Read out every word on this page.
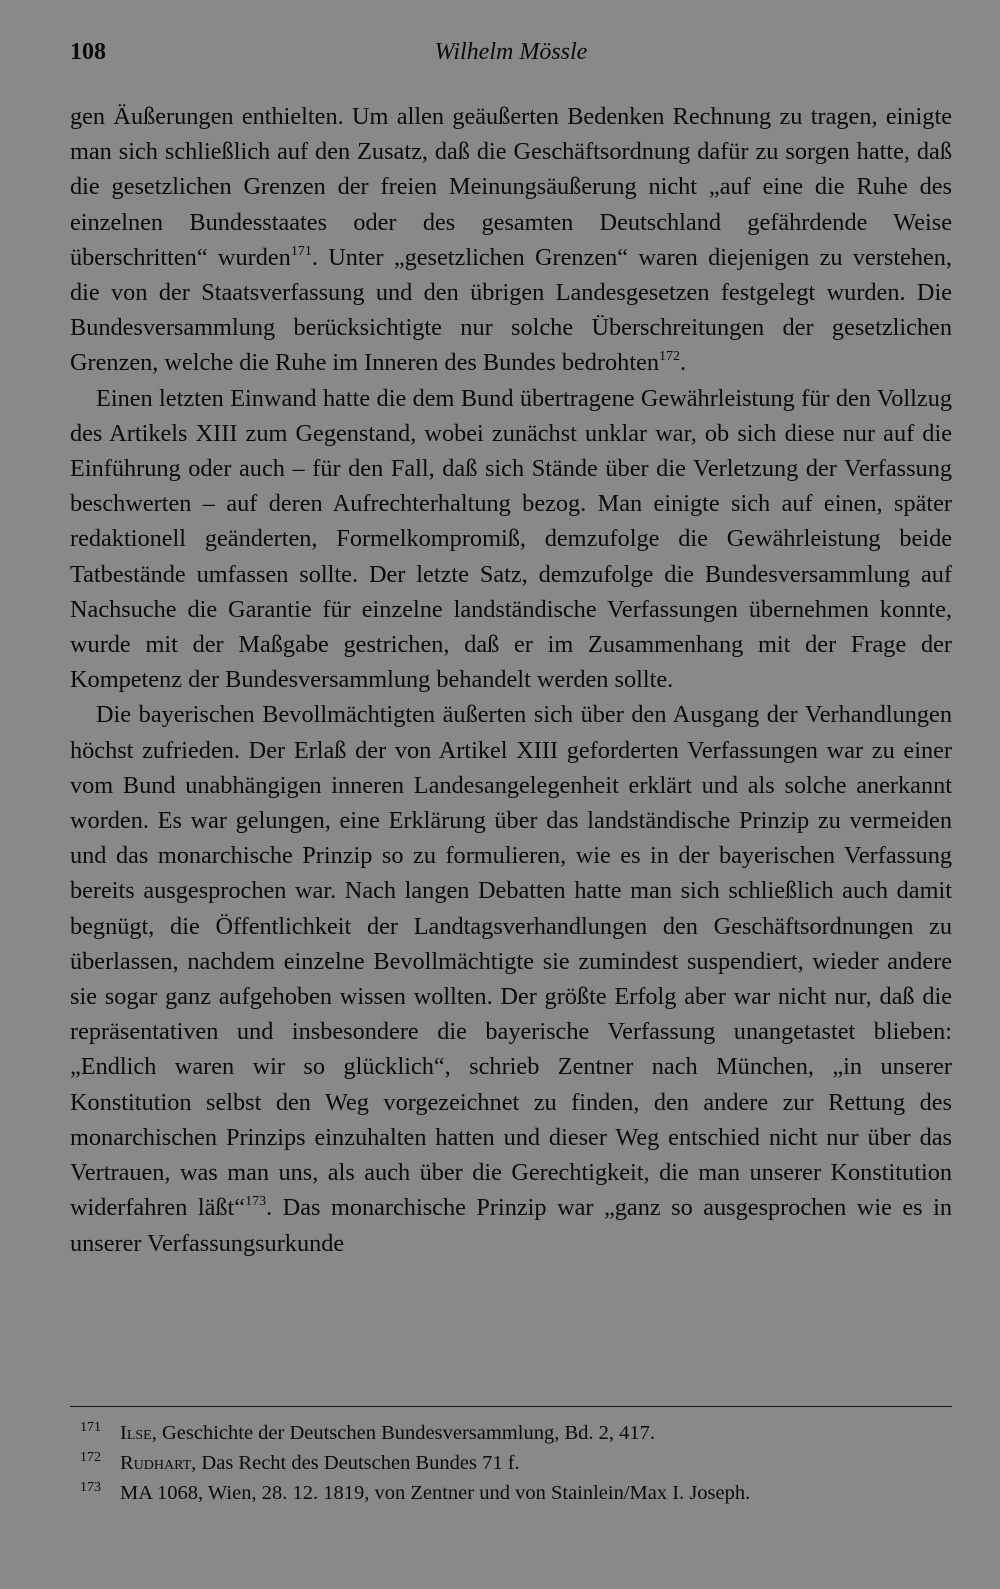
108	Wilhelm Mössle

gen Äußerungen enthielten. Um allen geäußerten Bedenken Rechnung zu tragen, einigte man sich schließlich auf den Zusatz, daß die Geschäftsordnung dafür zu sorgen hatte, daß die gesetzlichen Grenzen der freien Meinungsäußerung nicht „auf eine die Ruhe des einzelnen Bundesstaates oder des gesamten Deutschland gefährdende Weise überschritten“ wurden$^{171}$. Unter „gesetzlichen Grenzen“ waren diejenigen zu verstehen, die von der Staatsverfassung und den übrigen Landesgesetzen festgelegt wurden. Die Bundesversammlung berücksichtigte nur solche Überschreitungen der gesetzlichen Grenzen, welche die Ruhe im Inneren des Bundes bedrohten$^{172}$.

Einen letzten Einwand hatte die dem Bund übertragene Gewährleistung für den Vollzug des Artikels XIII zum Gegenstand, wobei zunächst unklar war, ob sich diese nur auf die Einführung oder auch – für den Fall, daß sich Stände über die Verletzung der Verfassung beschwerten – auf deren Aufrechterhaltung bezog. Man einigte sich auf einen, später redaktionell geänderten, Formelkompromiß, demzufolge die Gewährleistung beide Tatbestände umfassen sollte. Der letzte Satz, demzufolge die Bundesversammlung auf Nachsuche die Garantie für einzelne landständische Verfassungen übernehmen konnte, wurde mit der Maßgabe gestrichen, daß er im Zusammenhang mit der Frage der Kompetenz der Bundesversammlung behandelt werden sollte.

Die bayerischen Bevollmächtigten äußerten sich über den Ausgang der Verhandlungen höchst zufrieden. Der Erlaß der von Artikel XIII geforderten Verfassungen war zu einer vom Bund unabhängigen inneren Landesangelegenheit erklärt und als solche anerkannt worden. Es war gelungen, eine Erklärung über das landständische Prinzip zu vermeiden und das monarchische Prinzip so zu formulieren, wie es in der bayerischen Verfassung bereits ausgesprochen war. Nach langen Debatten hatte man sich schließlich auch damit begnügt, die Öffentlichkeit der Landtagsverhandlungen den Geschäftsordnungen zu überlassen, nachdem einzelne Bevollmächtigte sie zumindest suspendiert, wieder andere sie sogar ganz aufgehoben wissen wollten. Der größte Erfolg aber war nicht nur, daß die repräsentativen und insbesondere die bayerische Verfassung unangetastet blieben: „Endlich waren wir so glücklich“, schrieb Zentner nach München, „in unserer Konstitution selbst den Weg vorgezeichnet zu finden, den andere zur Rettung des monarchischen Prinzips einzuhalten hatten und dieser Weg entschied nicht nur über das Vertrauen, was man uns, als auch über die Gerechtigkeit, die man unserer Konstitution widerfahren läßt“$^{173}$. Das monarchische Prinzip war „ganz so ausgesprochen wie es in unserer Verfassungsurkunde

171 Ilse, Geschichte der Deutschen Bundesversammlung, Bd. 2, 417.
172 Rudhart, Das Recht des Deutschen Bundes 71 f.
173 MA 1068, Wien, 28. 12. 1819, von Zentner und von Stainlein/Max I. Joseph.
